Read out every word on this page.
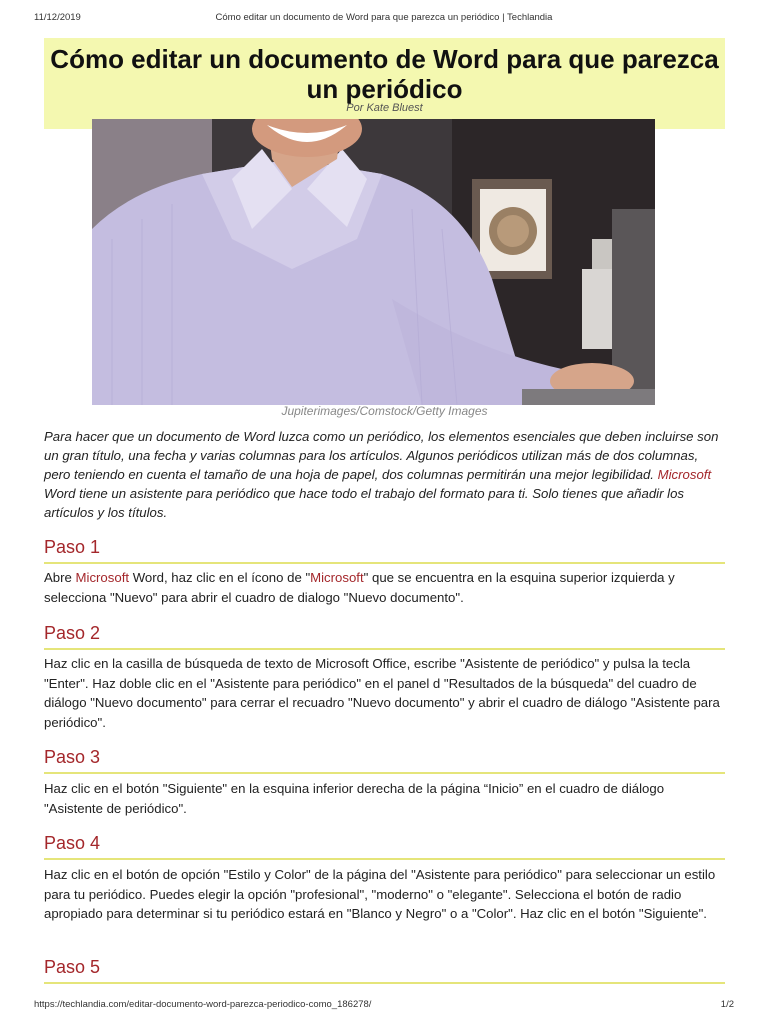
11/12/2019	Cómo editar un documento de Word para que parezca un periódico | Techlandia
Cómo editar un documento de Word para que parezca un periódico
Por Kate Bluest
Jupiterimages/Comstock/Getty Images

Para hacer que un documento de Word luzca como un periódico, los elementos esenciales que deben incluirse son un gran título, una fecha y varias columnas para los artículos. Algunos periódicos utilizan más de dos columnas, pero teniendo en cuenta el tamaño de una hoja de papel, dos columnas permitirán una mejor legibilidad. Microsoft Word tiene un asistente para periódico que hace todo el trabajo del formato para ti. Solo tienes que añadir los artículos y los títulos.

Paso 1

Abre Microsoft Word, haz clic en el ícono de "Microsoft" que se encuentra en la esquina superior izquierda y selecciona "Nuevo" para abrir el cuadro de dialogo "Nuevo documento".

Paso 2

Haz clic en la casilla de búsqueda de texto de Microsoft Office, escribe "Asistente de periódico" y pulsa la tecla "Enter". Haz doble clic en el "Asistente para periódico" en el panel d "Resultados de la búsqueda" del cuadro de diálogo "Nuevo documento" para cerrar el recuadro "Nuevo documento" y abrir el cuadro de diálogo "Asistente para periódico".

Paso 3

Haz clic en el botón "Siguiente" en la esquina inferior derecha de la página “Inicio” en el cuadro de diálogo "Asistente de periódico".

Paso 4

Haz clic en el botón de opción "Estilo y Color" de la página del "Asistente para periódico" para seleccionar un estilo para tu periódico. Puedes elegir la opción "profesional", "moderno" o "elegante". Selecciona el botón de radio apropiado para determinar si tu periódico estará en "Blanco y Negro" o a "Color". Haz clic en el botón "Siguiente".

Paso 5
https://techlandia.com/editar-documento-word-parezca-periodico-como_186278/	1/2
